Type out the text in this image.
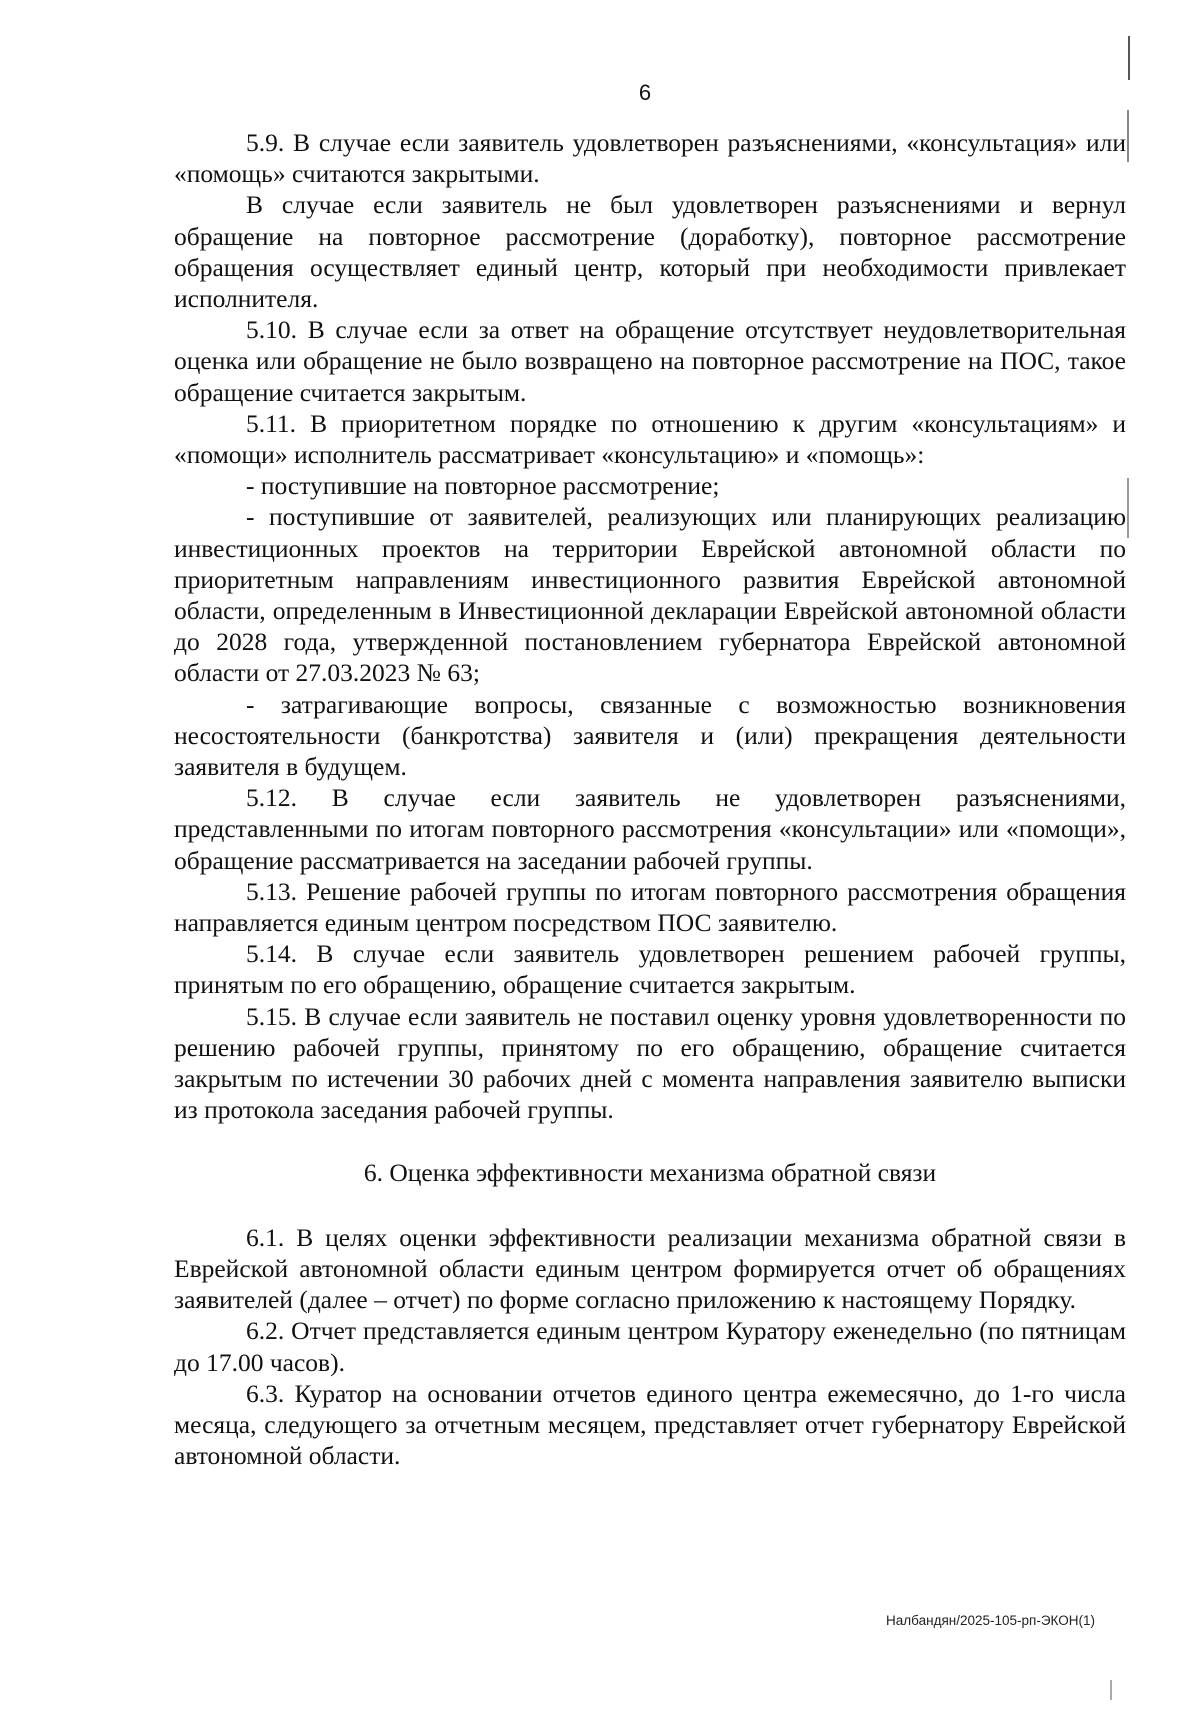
6

5.9. В случае если заявитель удовлетворен разъяснениями, «консультация» или «помощь» считаются закрытыми.

В случае если заявитель не был удовлетворен разъяснениями и вернул обращение на повторное рассмотрение (доработку), повторное рассмотрение обращения осуществляет единый центр, который при необходимости привлекает исполнителя.

5.10. В случае если за ответ на обращение отсутствует неудовлетворительная оценка или обращение не было возвращено на повторное рассмотрение на ПОС, такое обращение считается закрытым.

5.11. В приоритетном порядке по отношению к другим «консультациям» и «помощи» исполнитель рассматривает «консультацию» и «помощь»:

- поступившие на повторное рассмотрение;

- поступившие от заявителей, реализующих или планирующих реализацию инвестиционных проектов на территории Еврейской автономной области по приоритетным направлениям инвестиционного развития Еврейской автономной области, определенным в Инвестиционной декларации Еврейской автономной области до 2028 года, утвержденной постановлением губернатора Еврейской автономной области от 27.03.2023 № 63;

- затрагивающие вопросы, связанные с возможностью возникновения несостоятельности (банкротства) заявителя и (или) прекращения деятельности заявителя в будущем.

5.12. В случае если заявитель не удовлетворен разъяснениями, представленными по итогам повторного рассмотрения «консультации» или «помощи», обращение рассматривается на заседании рабочей группы.

5.13. Решение рабочей группы по итогам повторного рассмотрения обращения направляется единым центром посредством ПОС заявителю.

5.14. В случае если заявитель удовлетворен решением рабочей группы, принятым по его обращению, обращение считается закрытым.

5.15. В случае если заявитель не поставил оценку уровня удовлетворенности по решению рабочей группы, принятому по его обращению, обращение считается закрытым по истечении 30 рабочих дней с момента направления заявителю выписки из протокола заседания рабочей группы.

6. Оценка эффективности механизма обратной связи

6.1. В целях оценки эффективности реализации механизма обратной связи в Еврейской автономной области единым центром формируется отчет об обращениях заявителей (далее – отчет) по форме согласно приложению к настоящему Порядку.

6.2. Отчет представляется единым центром Куратору еженедельно (по пятницам до 17.00 часов).

6.3. Куратор на основании отчетов единого центра ежемесячно, до 1-го числа месяца, следующего за отчетным месяцем, представляет отчет губернатору Еврейской автономной области.

Налбандян/2025-105-рп-ЭКОН(1)
